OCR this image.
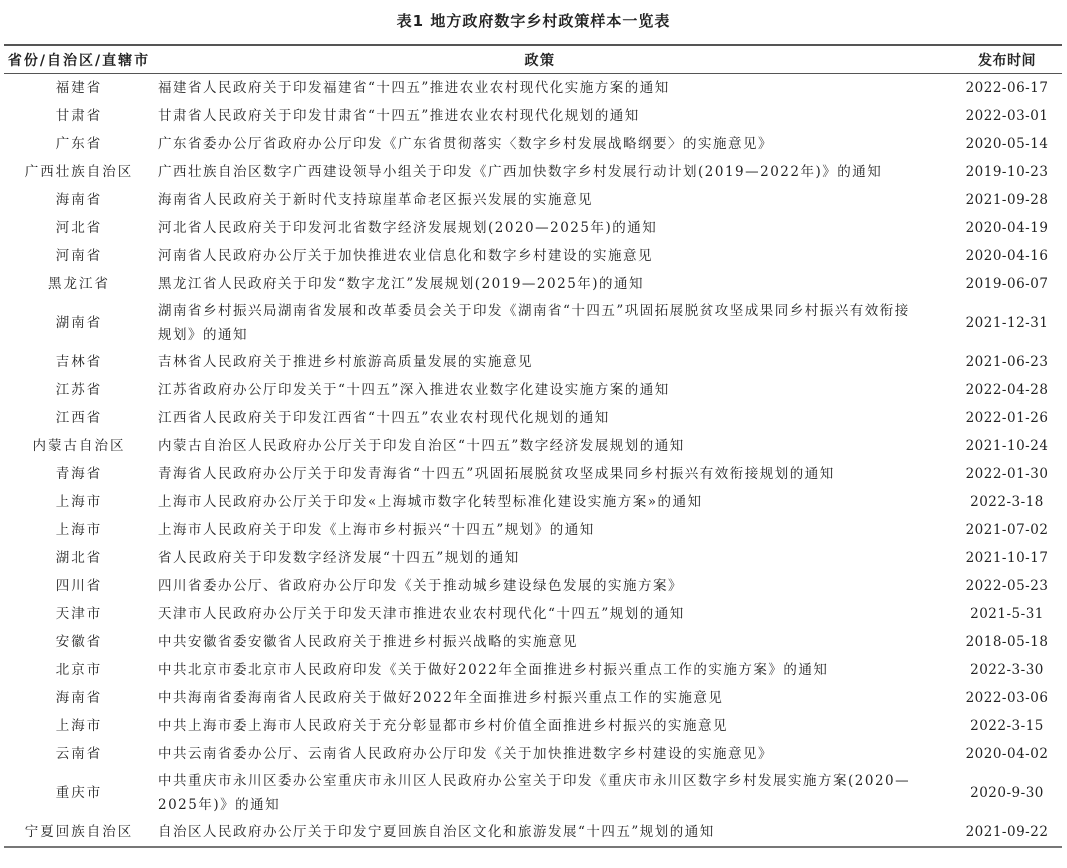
表1 地方政府数字乡村政策样本一览表
省份/自治区/直辖市	政策	发布时间
福建省	福建省人民政府关于印发福建省“十四五”推进农业农村现代化实施方案的通知	2022-06-17
甘肃省	甘肃省人民政府关于印发甘肃省“十四五”推进农业农村现代化规划的通知	2022-03-01
广东省	广东省委办公厅省政府办公厅印发《广东省贯彻落实〈数字乡村发展战略纲要〉的实施意见》	2020-05-14
广西壮族自治区	广西壮族自治区数字广西建设领导小组关于印发《广西加快数字乡村发展行动计划(2019—2022年)》的通知	2019-10-23
海南省	海南省人民政府关于新时代支持琼崖革命老区振兴发展的实施意见	2021-09-28
河北省	河北省人民政府关于印发河北省数字经济发展规划(2020—2025年)的通知	2020-04-19
河南省	河南省人民政府办公厅关于加快推进农业信息化和数字乡村建设的实施意见	2020-04-16
黑龙江省	黑龙江省人民政府关于印发“数字龙江”发展规划(2019—2025年)的通知	2019-06-07
湖南省	湖南省乡村振兴局湖南省发展和改革委员会关于印发《湖南省“十四五”巩固拓展脱贫攻坚成果同乡村振兴有效衔接规划》的通知	2021-12-31
吉林省	吉林省人民政府关于推进乡村旅游高质量发展的实施意见	2021-06-23
江苏省	江苏省政府办公厅印发关于“十四五”深入推进农业数字化建设实施方案的通知	2022-04-28
江西省	江西省人民政府关于印发江西省“十四五”农业农村现代化规划的通知	2022-01-26
内蒙古自治区	内蒙古自治区人民政府办公厅关于印发自治区“十四五”数字经济发展规划的通知	2021-10-24
青海省	青海省人民政府办公厅关于印发青海省“十四五”巩固拓展脱贫攻坚成果同乡村振兴有效衔接规划的通知	2022-01-30
上海市	上海市人民政府办公厅关于印发«上海城市数字化转型标准化建设实施方案»的通知	2022-3-18
上海市	上海市人民政府关于印发《上海市乡村振兴“十四五”规划》的通知	2021-07-02
湖北省	省人民政府关于印发数字经济发展“十四五”规划的通知	2021-10-17
四川省	四川省委办公厅、省政府办公厅印发《关于推动城乡建设绿色发展的实施方案》	2022-05-23
天津市	天津市人民政府办公厅关于印发天津市推进农业农村现代化“十四五”规划的通知	2021-5-31
安徽省	中共安徽省委安徽省人民政府关于推进乡村振兴战略的实施意见	2018-05-18
北京市	中共北京市委北京市人民政府印发《关于做好2022年全面推进乡村振兴重点工作的实施方案》的通知	2022-3-30
海南省	中共海南省委海南省人民政府关于做好2022年全面推进乡村振兴重点工作的实施意见	2022-03-06
上海市	中共上海市委上海市人民政府关于充分彰显都市乡村价值全面推进乡村振兴的实施意见	2022-3-15
云南省	中共云南省委办公厅、云南省人民政府办公厅印发《关于加快推进数字乡村建设的实施意见》	2020-04-02
重庆市	中共重庆市永川区委办公室重庆市永川区人民政府办公室关于印发《重庆市永川区数字乡村发展实施方案(2020—2025年)》的通知	2020-9-30
宁夏回族自治区	自治区人民政府办公厅关于印发宁夏回族自治区文化和旅游发展“十四五”规划的通知	2021-09-22
